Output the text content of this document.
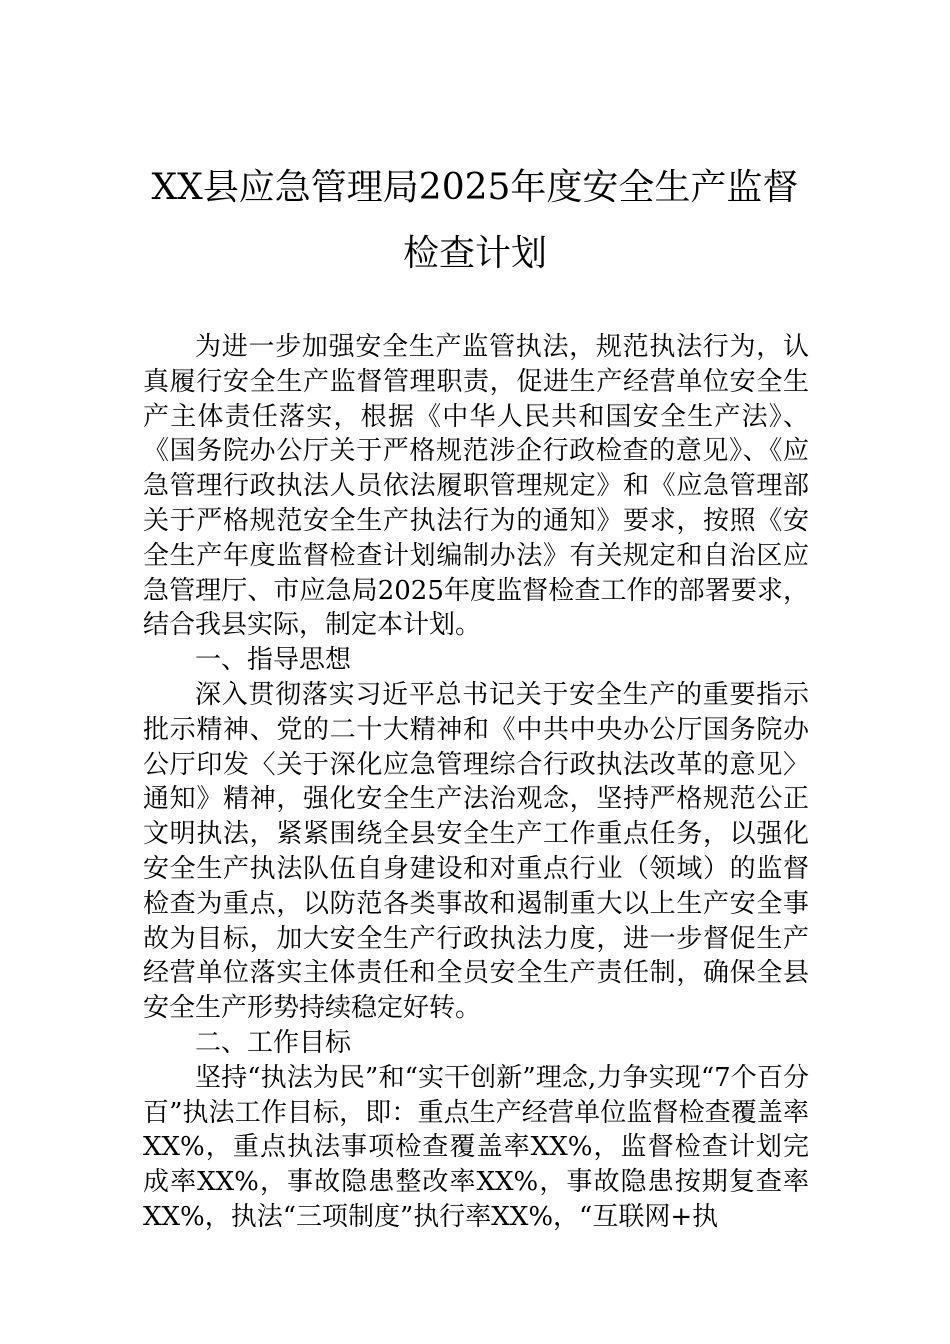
XX县应急管理局2025年度安全生产监督
检查计划

为进一步加强安全生产监管执法，规范执法行为，认真履行安全生产监督管理职责，促进生产经营单位安全生产主体责任落实，根据《中华人民共和国安全生产法》、《国务院办公厅关于严格规范涉企行政检查的意见》、《应急管理行政执法人员依法履职管理规定》和《应急管理部关于严格规范安全生产执法行为的通知》要求，按照《安全生产年度监督检查计划编制办法》有关规定和自治区应急管理厅、市应急局2025年度监督检查工作的部署要求，结合我县实际，制定本计划。

一、指导思想

深入贯彻落实习近平总书记关于安全生产的重要指示批示精神、党的二十大精神和《中共中央办公厅国务院办公厅印发〈关于深化应急管理综合行政执法改革的意见〉通知》精神，强化安全生产法治观念，坚持严格规范公正文明执法，紧紧围绕全县安全生产工作重点任务，以强化安全生产执法队伍自身建设和对重点行业（领域）的监督检查为重点，以防范各类事故和遏制重大以上生产安全事故为目标，加大安全生产行政执法力度，进一步督促生产经营单位落实主体责任和全员安全生产责任制，确保全县安全生产形势持续稳定好转。

二、工作目标

坚持“执法为民”和“实干创新”理念,力争实现“7个百分百”执法工作目标，即：重点生产经营单位监督检查覆盖率XX%，重点执法事项检查覆盖率XX%，监督检查计划完成率XX%，事故隐患整改率XX%，事故隐患按期复查率XX%，执法“三项制度”执行率XX%，“互联网+执
